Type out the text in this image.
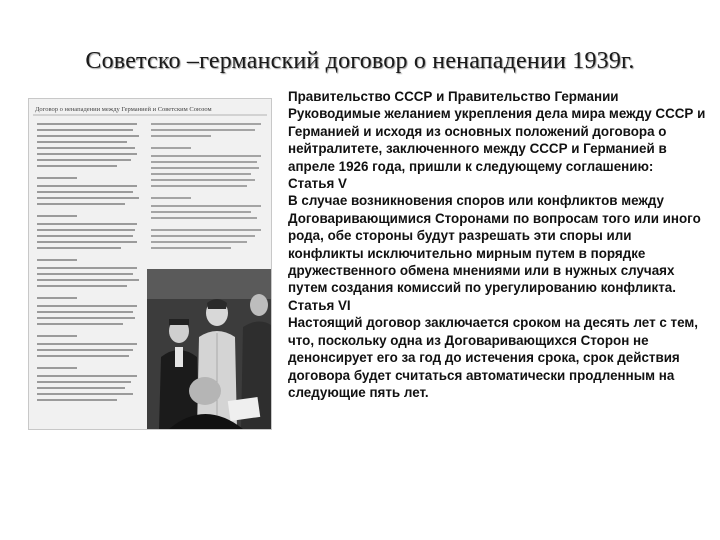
Советско –германский договор о ненападении 1939г.
Договор о ненападении между Германией и Советским Союзом

Правительство СССР и Правительство Германии Руководимые желанием укрепления дела мира между СССР и Германией и исходя из основных положений договора о нейтралитете, заключенного между СССР и Германией в апреле 1926 года, пришли к следующему соглашению:

Статья V

В случае возникновения споров или конфликтов между Договаривающимися Сторонами по вопросам того или иного рода, обе стороны будут разрешать эти споры или конфликты исключительно мирным путем в порядке дружественного обмена мнениями или в нужных случаях путем создания комиссий по урегулированию конфликта.

Статья VI

Настоящий договор заключается сроком на десять лет с тем, что, поскольку одна из Договаривающихся Сторон не денонсирует его за год до истечения срока, срок действия договора будет считаться автоматически продленным на следующие пять лет.
